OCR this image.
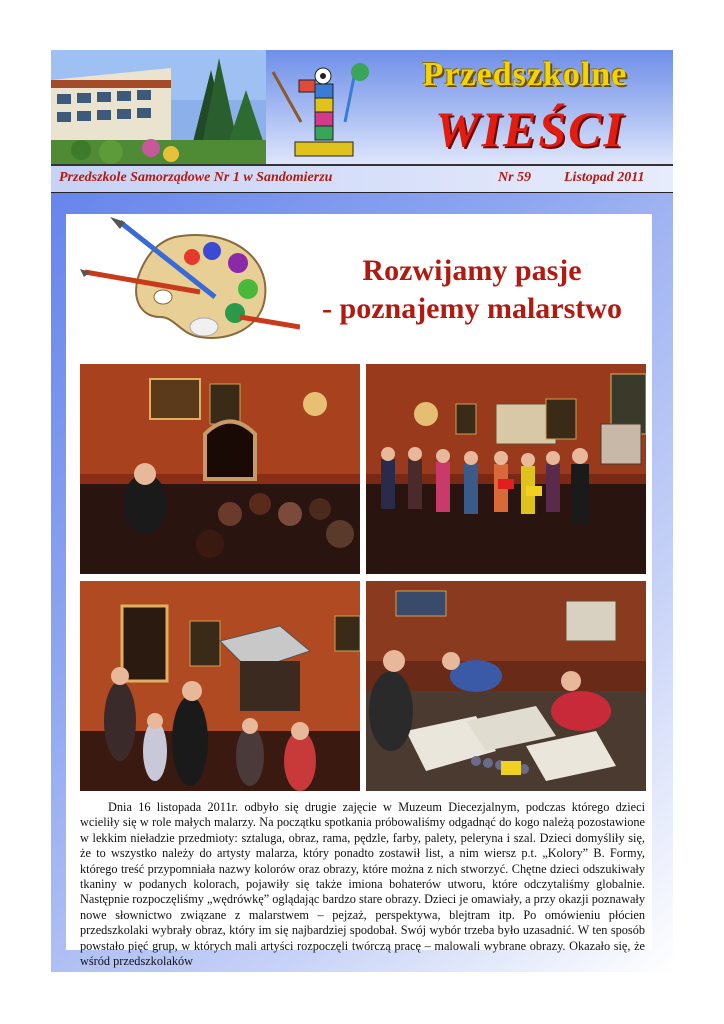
Przedszkolne
WIEŚCI
Przedszkole Samorządowe Nr 1 w Sandomierzu	Nr 59 Listopad 2011
Rozwijamy pasje
- poznajemy malarstwo

Dnia 16 listopada 2011r. odbyło się drugie zajęcie w Muzeum Diecezjalnym, podczas którego dzieci wcieliły się w role małych malarzy. Na początku spotkania próbowaliśmy odgadnąć do kogo należą pozostawione w lekkim nieładzie przedmioty: sztaluga, obraz, rama, pędzle, farby, palety, peleryna i szal. Dzieci domyśliły się, że to wszystko należy do artysty malarza, który ponadto zostawił list, a nim wiersz p.t. „Kolory” B. Formy, którego treść przypomniała nazwy kolorów oraz obrazy, które można z nich stworzyć. Chętne dzieci odszukiwały tkaniny w podanych kolorach, pojawiły się także imiona bohaterów utworu, które odczytaliśmy globalnie. Następnie rozpoczęliśmy „wędrówkę” oglądając bardzo stare obrazy. Dzieci je omawiały, a przy okazji poznawały nowe słownictwo związane z malarstwem – pejzaż, perspektywa, blejtram itp. Po omówieniu płócien przedszkolaki wybrały obraz, który im się najbardziej spodobał. Swój wybór trzeba było uzasadnić. W ten sposób powstało pięć grup, w których mali artyści rozpoczęli twórczą pracę – malowali wybrane obrazy. Okazało się, że wśród przedszkolaków
